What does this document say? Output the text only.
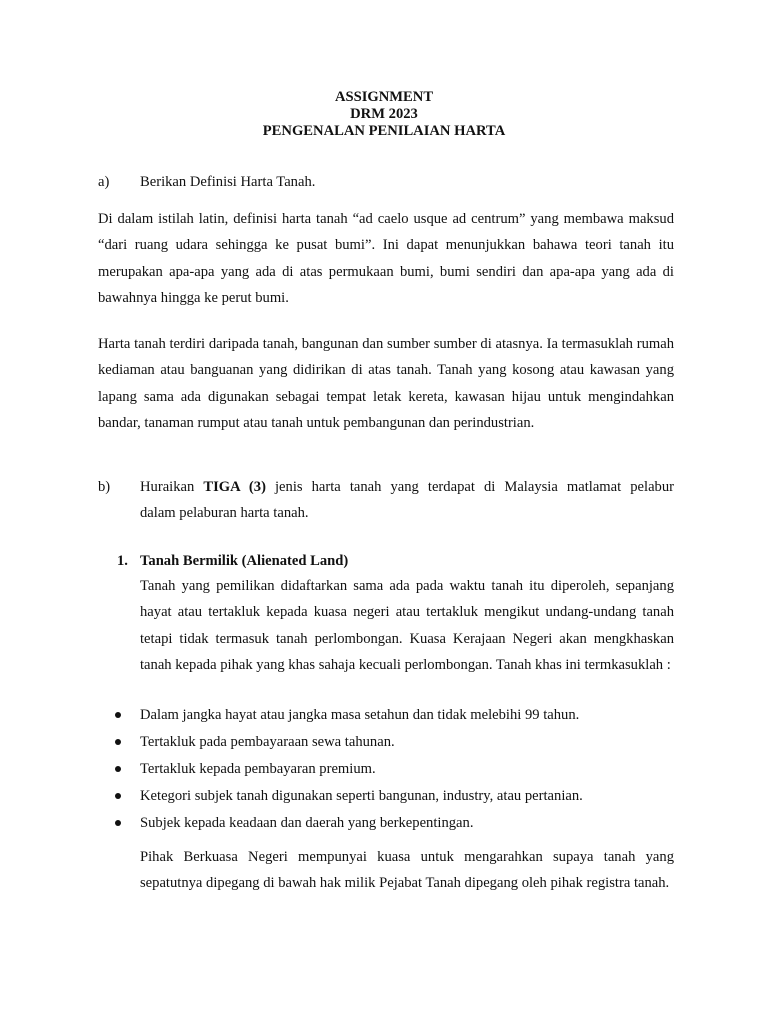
ASSIGNMENT
DRM 2023
PENGENALAN PENILAIAN HARTA
a) Berikan Definisi Harta Tanah.
Di dalam istilah latin, definisi harta tanah “ad caelo usque ad centrum” yang membawa maksud “dari ruang udara sehingga ke pusat bumi”. Ini dapat menunjukkan bahawa teori tanah itu merupakan apa-apa yang ada di atas permukaan bumi, bumi sendiri dan apa-apa yang ada di bawahnya hingga ke perut bumi.
Harta tanah terdiri daripada tanah, bangunan dan sumber sumber di atasnya. Ia termasuklah rumah kediaman atau banguanan yang didirikan di atas tanah. Tanah yang kosong atau kawasan yang lapang sama ada digunakan sebagai tempat letak kereta, kawasan hijau untuk mengindahkan bandar, tanaman rumput atau tanah untuk pembangunan dan perindustrian.
b) Huraikan TIGA (3) jenis harta tanah yang terdapat di Malaysia matlamat pelabur
dalam pelaburan harta tanah.
1. Tanah Bermilik (Alienated Land)
Tanah yang pemilikan didaftarkan sama ada pada waktu tanah itu diperoleh, sepanjang hayat atau tertakluk kepada kuasa negeri atau tertakluk mengikut undang-undang tanah tetapi tidak termasuk tanah perlombongan. Kuasa Kerajaan Negeri akan mengkhaskan tanah kepada pihak yang khas sahaja kecuali perlombongan. Tanah khas ini termkasuklah :
Dalam jangka hayat atau jangka masa setahun dan tidak melebihi 99 tahun.
Tertakluk pada pembayaraan sewa tahunan.
Tertakluk kepada pembayaran premium.
Ketegori subjek tanah digunakan seperti bangunan, industry, atau pertanian.
Subjek kepada keadaan dan daerah yang berkepentingan.
Pihak Berkuasa Negeri mempunyai kuasa untuk mengarahkan supaya tanah yang sepatutnya dipegang di bawah hak milik Pejabat Tanah dipegang oleh pihak registra tanah.
